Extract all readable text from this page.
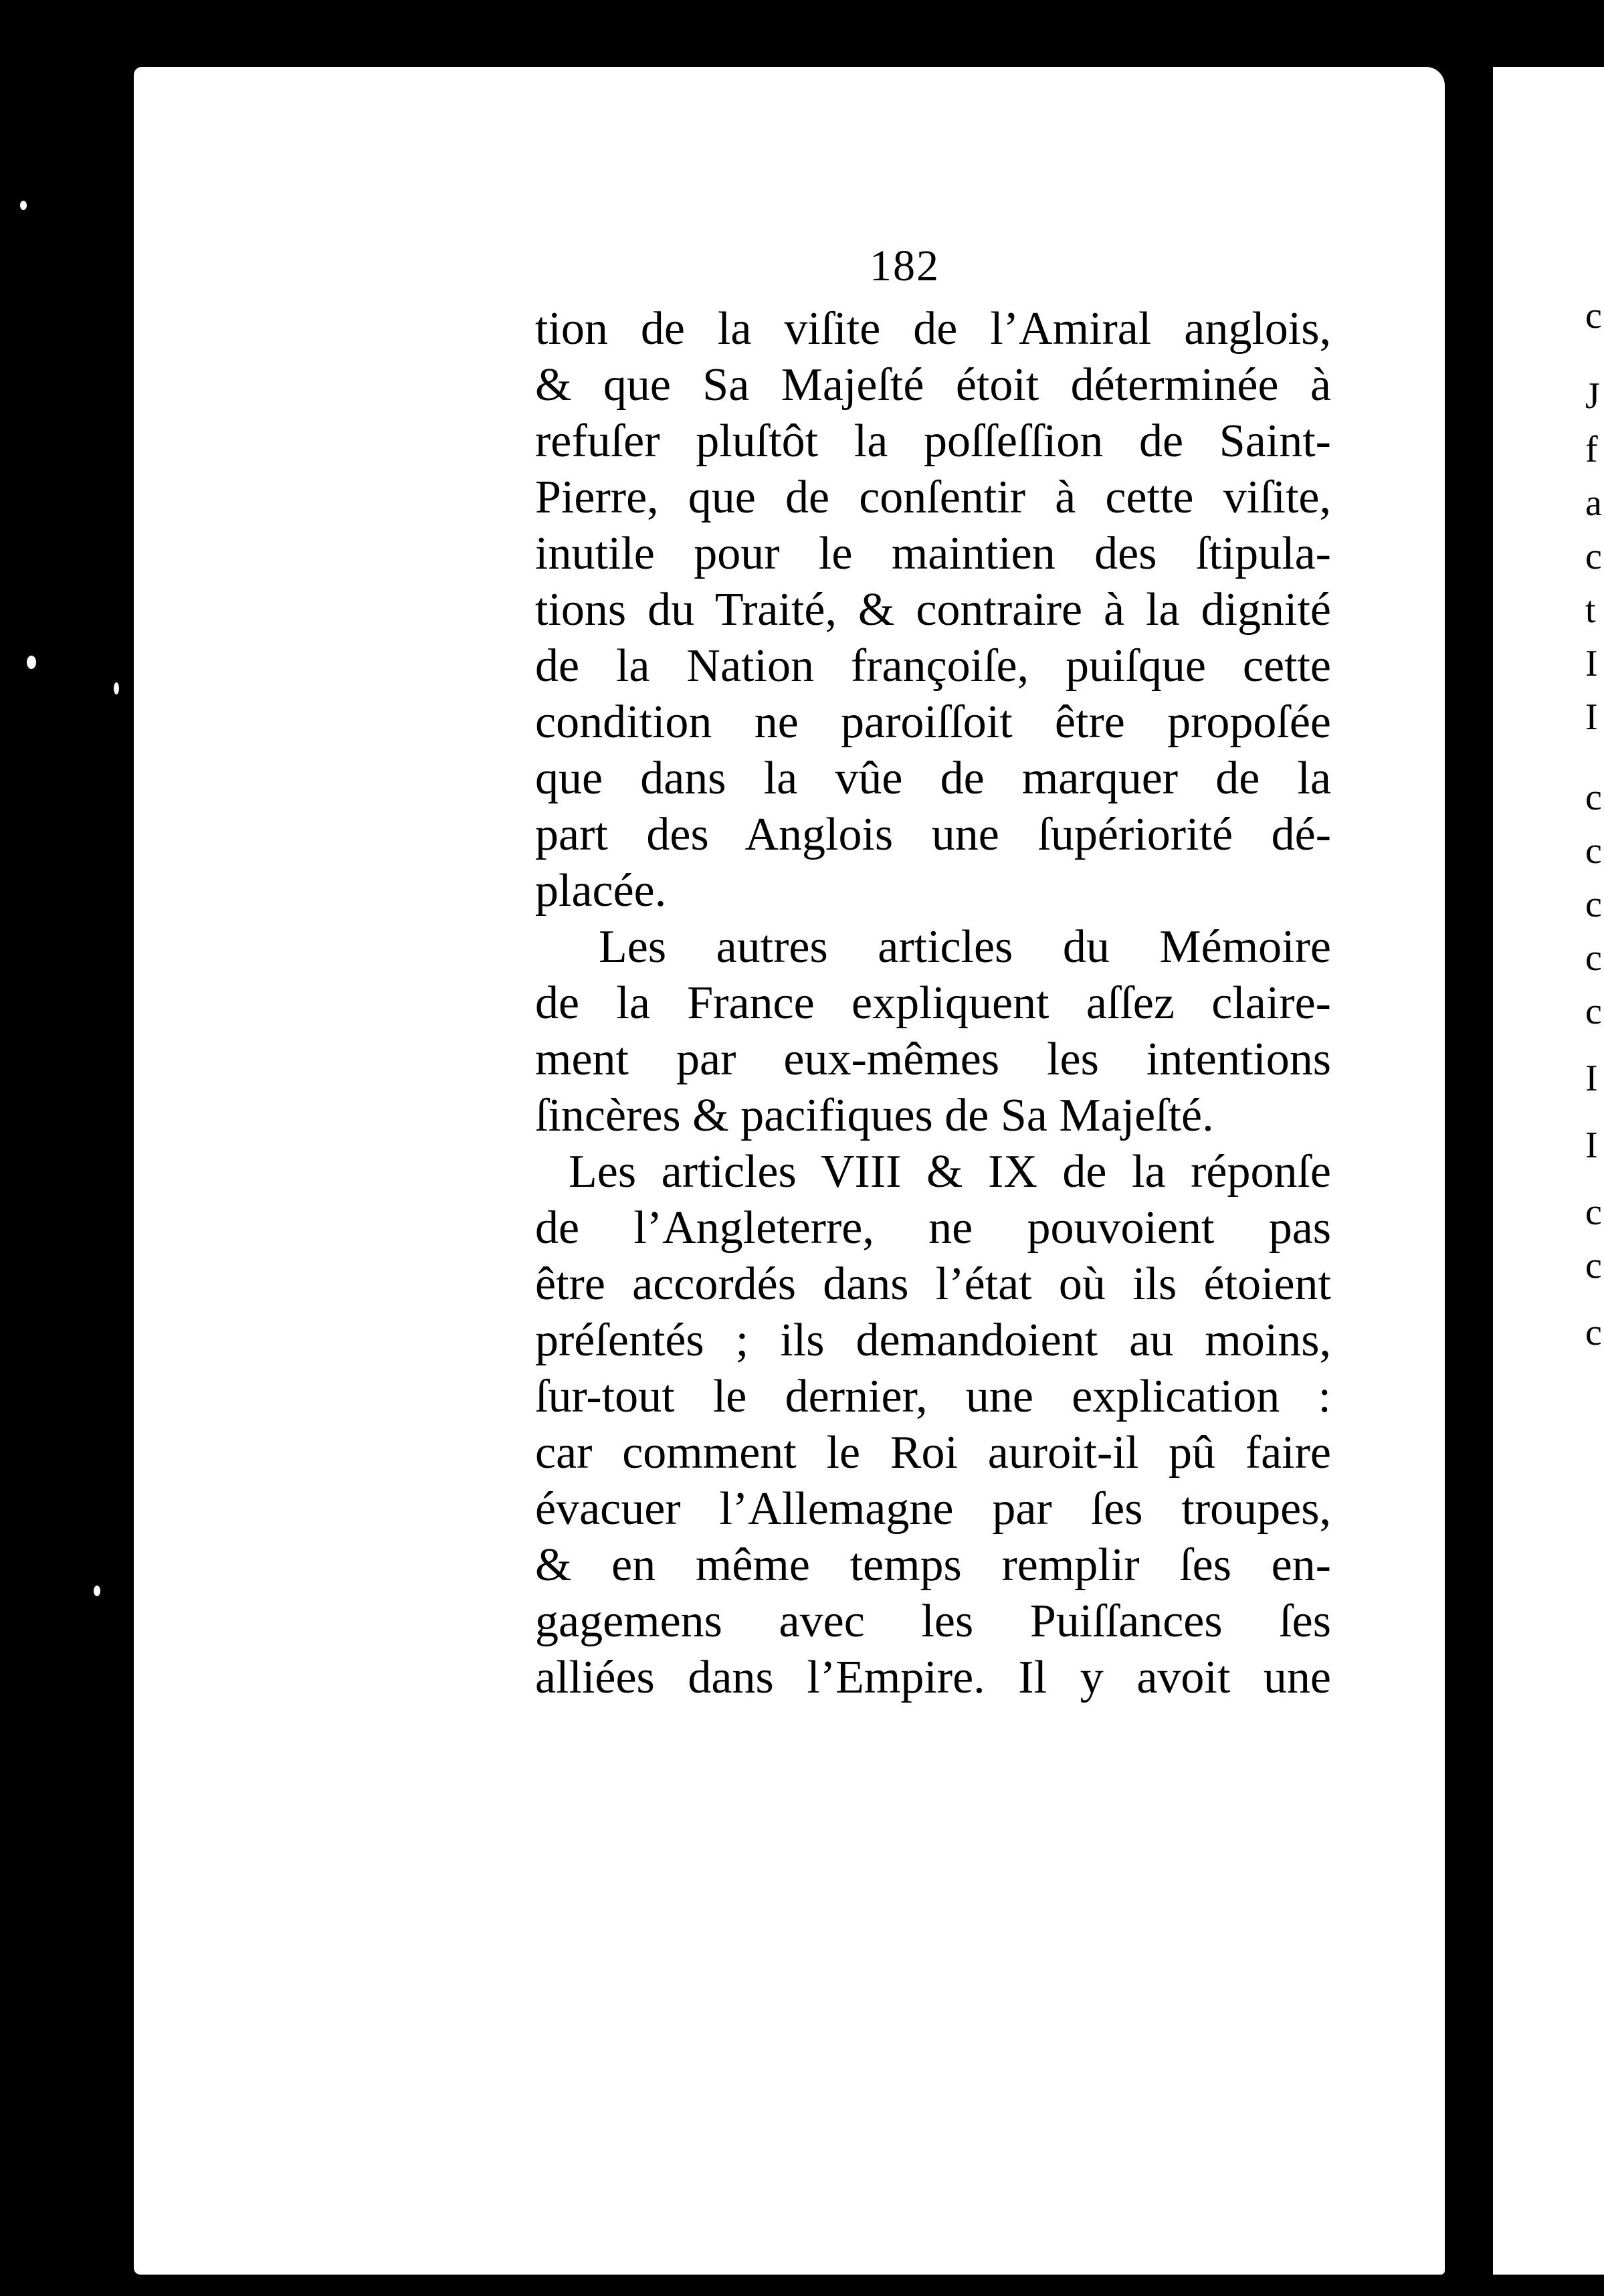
182
tion de la viſite de l’Amiral anglois,
& que Sa Majeſté étoit déterminée à
refuſer pluſtôt la poſſeſſion de Saint-
Pierre, que de conſentir à cette viſite,
inutile pour le maintien des ſtipula-
tions du Traité, & contraire à la dignité
de la Nation françoiſe, puiſque cette
condition ne paroiſſoit être propoſée
que dans la vûe de marquer de la
part des Anglois une ſupériorité dé-
placée.
Les autres articles du Mémoire
de la France expliquent aſſez claire-
ment par eux-mêmes les intentions
ſincères & pacifiques de Sa Majeſté.
Les articles VIII & IX de la réponſe
de l’Angleterre, ne pouvoient pas
être accordés dans l’état où ils étoient
préſentés ; ils demandoient au moins,
ſur-tout le dernier, une explication :
car comment le Roi auroit-il pû faire
évacuer l’Allemagne par ſes troupes,
& en même temps remplir ſes en-
gagemens avec les Puiſſances ſes
alliées dans l’Empire. Il y avoit une
c
J
f
a
c
t
I
I
c
c
c
c
c
I
I
c
c
c
